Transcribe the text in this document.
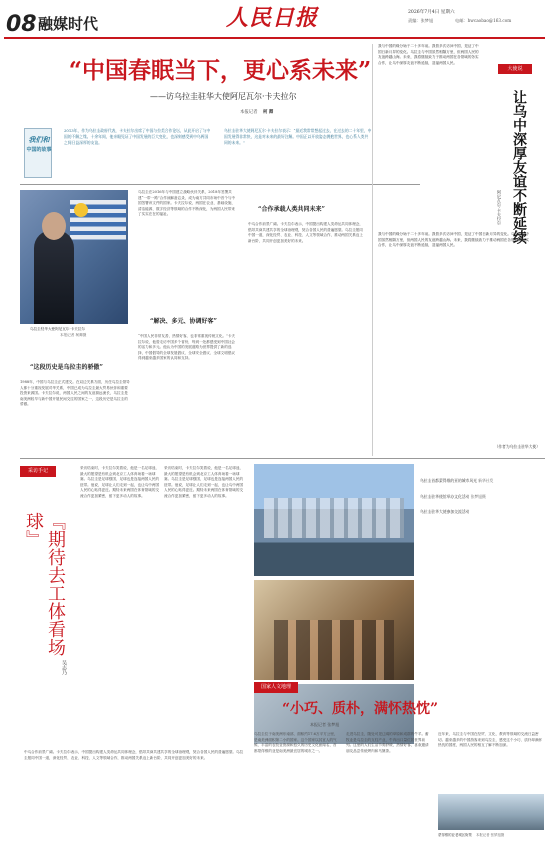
08 融媒时代	人民日报	2026年7月4日 星期六
责编：张梦旭	电邮：hwcaobao@163.com
“中国春眠当下，更心系未来”
——访乌拉圭驻华大使阿尼瓦尔·卡夫拉尔
本报记者 柯 卿
我们和
中国的故事
2013年，作为乌拉圭政府代表，卡夫拉尔出席了中国与拉美合作论坛，从此开启了与中国的不解之缘。十余年间，他亲眼见证了中国发展的巨大变化，也深刻感受到中乌两国之间日益深厚的友谊。
乌拉圭驻华大使阿尼瓦尔·卡夫拉尔表示：“最近我常常想起过去，在过去的二十年里，中国发展得非常快，这是对未来的最好注解。中国正以开放姿态拥抱世界，也心系人类共同的未来。”
乌拉圭驻华大使阿尼瓦尔·卡夫拉尔
本报记者 柯卿摄
“这段历史是乌拉圭的骄傲”
1988年，中国与乌拉圭正式建交。在双边关系方面，历任乌拉圭领导人都十分重视发展对华关系，中国已成为乌拉圭最大贸易伙伴和重要投资来源国。卡夫拉尔说，两国人民之间的友谊源远流长，乌拉圭是南美洲较早与新中国开展民间交往的国家之一，这段历史是乌拉圭的骄傲。
乌拉圭在2016年与中国建立战略伙伴关系，2018年签署共建“一带一路”合作谅解备忘录，成为南方共同市场中首个与中国签署该文件的国家。卡夫拉尔说，两国在农业、基础设施、清洁能源、数字经济等领域的合作不断深化，为两国人民带来了实实在在的福祉。
“解决、多元、协调好客”
“中国人民非常友善，热情好客，也非常重视传统文化。”卡夫拉尔说，他曾走访中国多个省份，每到一处都感受到中国社会的活力和多元。他认为中国的发展道路为世界提供了新的选择，中国倡导的全球发展倡议、全球安全倡议、全球文明倡议得到越来越多国家的认同和支持。
“合作承载人类共同未来”
中乌合作前景广阔。卡夫拉尔表示，中国提出构建人类命运共同体理念，倡导共商共建共享的全球治理观，契合各国人民的普遍愿望。乌拉圭愿同中国一道，深化经贸、农业、科技、人文等领域合作，推动两国关系迈上新台阶，共同开创更加美好的未来。
我与中国的缘分始于二十多年前。我曾多次访问中国，见证了中国日新月异的变化。乌拉圭与中国虽然相隔万里，但两国人民的友谊跨越山海。未来，我将继续致力于推动两国在各领域的务实合作，让乌中深厚友谊不断延续，造福两国人民。
大使说
让乌中深厚友谊不断延续
阿尼瓦尔·卡夫拉尔
我与中国的缘分始于二十多年前。我曾多次访问中国，见证了中国日新月异的变化。乌拉圭与中国虽然相隔万里，但两国人民的友谊跨越山海。未来，我将继续致力于推动两国在各领域的务实合作，让乌中深厚友谊不断延续，造福两国人民。
（作者为乌拉圭驻华大使）
采访手记
『期待去工体看场球』
吴志乃
采访结束时，卡夫拉尔笑着说，他是一名足球迷，最大的愿望是有机会到北京工人体育场看一场球赛。乌拉圭是足球强国，足球也是连接两国人民的纽带。他说，足球让人们走到一起，也让乌中两国人民的心贴得更近。期待未来两国在体育领域的交流合作更加紧密，留下更多动人的故事。
采访结束时，卡夫拉尔笑着说，他是一名足球迷，最大的愿望是有机会到北京工人体育场看一场球赛。乌拉圭是足球强国，足球也是连接两国人民的纽带。他说，足球让人们走到一起，也让乌中两国人民的心贴得更近。期待未来两国在体育领域的交流合作更加紧密，留下更多动人的故事。
中乌合作前景广阔。卡夫拉尔表示，中国提出构建人类命运共同体理念，倡导共商共建共享的全球治理观，契合各国人民的普遍愿望。乌拉圭愿同中国一道，深化经贸、农业、科技、人文等领域合作，推动两国关系迈上新台阶，共同开创更加美好的未来。
乌拉圭首都蒙得维的亚的城市风光 新华社发
乌拉圭驻华使馆举办文化活动 张梦旭摄
乌拉圭驻华大使参加交流活动
国家人文地理
“小巧、质朴，满怀热忱”
本报记者 张梦旭
乌拉圭位于南美洲东南部，面积约17.6万平方公里，是南美洲面积第二小的国家。这个国家以其宜人的气候、丰富的农牧业资源和悠久的历史文化而闻名，首都蒙得维的亚是南美洲最宜居的城市之一。
走进乌拉圭，随处可见辽阔的草原和成群的牛羊。畜牧业是乌拉圭的支柱产业，牛肉出口量位居世界前列。这里的人们生活节奏舒缓，热情好客，喜欢邀请朋友品尝传统烤肉和马黛茶。
近年来，乌拉圭与中国在经贸、文化、教育等领域的交流日益密切。越来越多的中国游客来到乌拉圭，感受这个小巧、质朴却满怀热忱的国度，两国人民的相互了解不断加深。
蒙得维的亚老城区街景 本报记者 张梦旭摄
